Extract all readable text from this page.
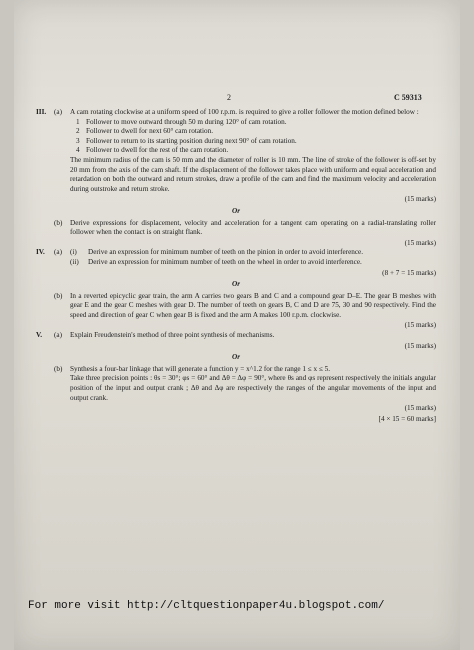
2	C 59313
III.	(a)	A cam rotating clockwise at a uniform speed of 100 r.p.m. is required to give a roller follower the motion defined below :
1 Follower to move outward through 50 m during 120° of cam rotation.
2 Follower to dwell for next 60° cam rotation.
3 Follower to return to its starting position during next 90° of cam rotation.
4 Follower to dwell for the rest of the cam rotation.
The minimum radius of the cam is 50 mm and the diameter of roller is 10 mm. The line of stroke of the follower is off-set by 20 mm from the axis of the cam shaft. If the displacement of the follower takes place with uniform and equal acceleration and retardation on both the outward and return strokes, draw a profile of the cam and find the maximum velocity and acceleration during outstroke and return stroke.
(15 marks)
Or
(b)	Derive expressions for displacement, velocity and acceleration for a tangent cam operating on a radial-translating roller follower when the contact is on straight flank.
(15 marks)
IV.	(a)	(i) Derive an expression for minimum number of teeth on the pinion in order to avoid interference.
(ii) Derive an expression for minimum number of teeth on the wheel in order to avoid interference.
(8 + 7 = 15 marks)
Or
(b)	In a reverted epicyclic gear train, the arm A carries two gears B and C and a compound gear D–E. The gear B meshes with gear E and the gear C meshes with gear D. The number of teeth on gears B, C and D are 75, 30 and 90 respectively. Find the speed and direction of gear C when gear B is fixed and the arm A makes 100 r.p.m. clockwise.
(15 marks)
V.	(a)	Explain Freudenstein's method of three point synthesis of mechanisms.
(15 marks)
Or
(b)	Synthesis a four-bar linkage that will generate a function y = x^1.2 for the range 1 ≤ x ≤ 5.
Take three precision points : θs = 30°; φs = 60° and Δθ = Δφ = 90°, where θs and φs represent respectively the initials angular position of the input and output crank ; Δθ and Δφ are respectively the ranges of the angular movements of the input and output crank.
(15 marks)
[4 × 15 = 60 marks]
For more visit http://cltquestionpaper4u.blogspot.com/
